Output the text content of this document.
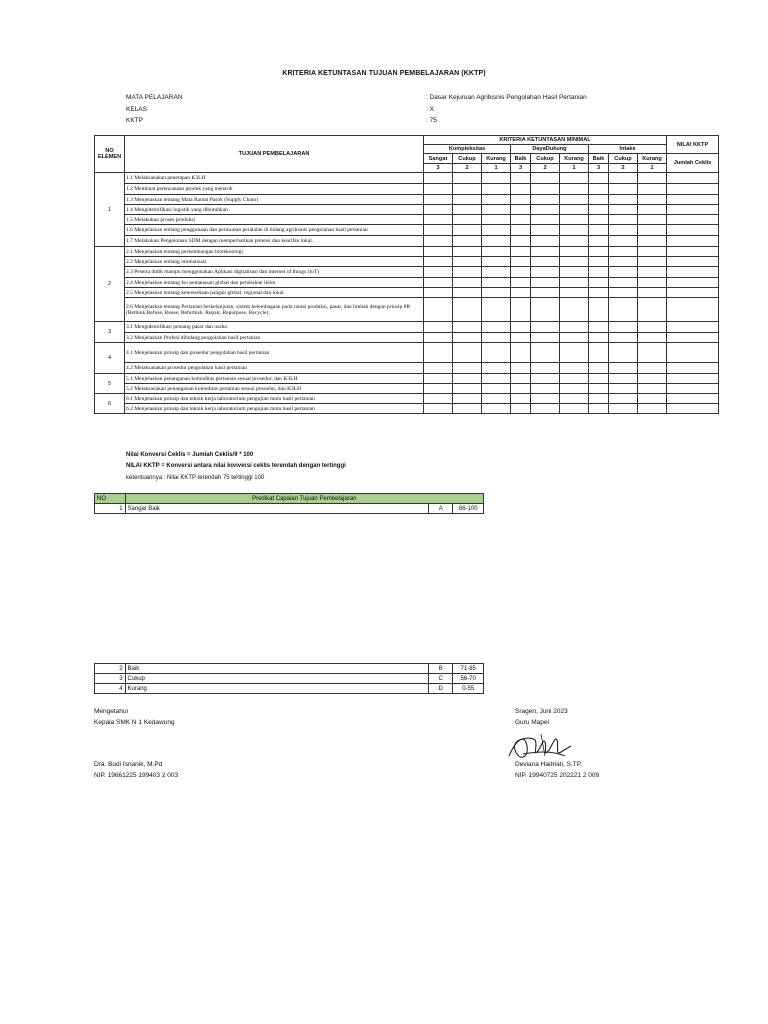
KRITERIA KETUNTASAN TUJUAN PEMBELAJARAN (KKTP)
MATA PELAJARAN	: Dasar Kejuruan Agribisnis Pengolahan Hasil Pertanian
KELAS	: X
KKTP	: 75
NO ELEMEN	TUJUAN PEMBELAJARAN	KRITERIA KETUNTASAN MINIMAL									NILAI KKTP
		Kompleksitas			DayaDukung			Intake			
		Sangat	Cukup	Kurang	Baik	Cukup	Kurang	Baik	Cukup	Kurang	Jumlah Ceklis
		3	2	1	3	2	1	3	2	1	
1	1.1 Melaksanakan penerapan K3LH										
	1.2 Membuat perencanaan produk yang menarik										
	1.3 Menjelaskan tentang Mata Rantai Pasok (Supply Chain)										
	1.4 Mengidentifikasi logistik yang dibutuhkan										
	1.5 Melakukan proses produksi										
	1.6 Menjelaskan tentang penggunaan dan perawatan peralatan di bidang agribisnis pengolahan hasil pertanian										
	1.7 Melakukan Pengelolaan SDM dengan memperhatikan potensi dan kearifan lokal.										
2	2.1 Menjelaskan tentang perkembangan bioteknologi										
	2.2 Menjelaskan tentang otomatisasi										
	2.3 Peserta didik mampu menggunakan Aplikasi digitalisasi dan internet of things (IoT)										
	2.4 Menjelaskan tentang Isu pemanasan global dan perubahan iklim										
	2.5 Menjelaskan tentang ketersediaan pangan global, regional dan lokal										
	2.6 Menjelaskan tentang Pertanian berkelanjutan, sistem kelembagaan pada rantai produksi, pasar, dan limbah dengan prinsip 8R (Rethink,Refuse, Reuse, Refurbish, Repair, Repurpose, Recycle).										
3	3.1 Mengidentifikasi peluang pasar dan usaha										
	3.2 Menjelaskan Profesi dibidang pengolahan hasil pertanian										
4	4.1 Menjelaskan prinsip dan prosedur pengolahan hasil pertanian										
	4.2 Melaksanakan prosedur pengolahan hasil pertanian										
5	5.1 Menjelaskan penanganan komoditas pertanian sesuai prosedur, dan K3LH										
	5.2 Melaksanakan penanganan komoditas pertanian sesuai prosedur, dan K3LH										
6	6.1 Menjelaskan prinsip dan teknik kerja laboratorium pengujian mutu hasil pertanian										
	6.2 Menjelaskan prinsip dan teknik kerja laboratorium pengujian mutu hasil pertanian										
Nilai Konversi Ceklis = Jumlah Ceklis/9 * 100
NILAI KKTP = Konversi antara nilai konversi ceklis terendah dengan tertinggi
ketentuannya : Nilai KKTP terendah 75 tertinggi 100
NO	Predikat Capaian Tujuan Pembelajaran		
1	Sangat Baik	A	86-100
2	Baik	B	71-85
3	Cukup	C	56-70
4	Kurang	D	0-55
Mengetahui
Kepala SMK N 1 Kedawung
Dra. Budi Isnanik, M.Pd
NIP. 19661225 199403 2 003
Sragen, Juni 2023
Guru Mapel
Deviana Hadriati, S.TP.
NIP. 19940725 202221 2 009
